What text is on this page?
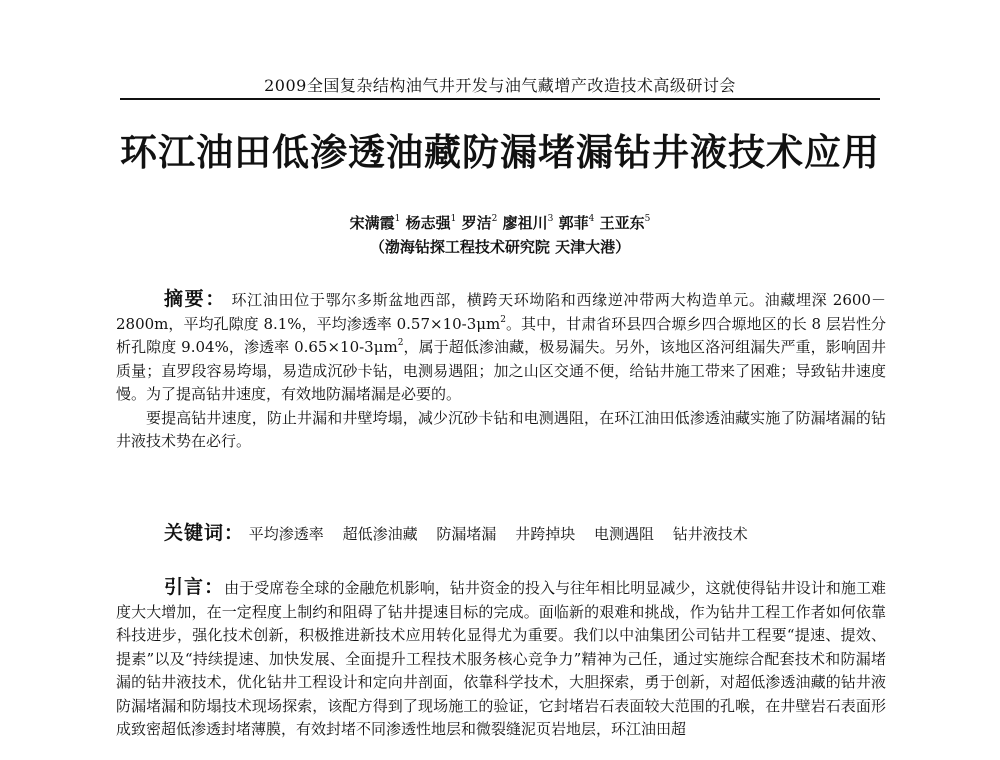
2009全国复杂结构油气井开发与油气藏增产改造技术高级研讨会
环江油田低渗透油藏防漏堵漏钻井液技术应用
宋满霞$^1$ 杨志强$^1$ 罗洁$^2$ 廖祖川$^3$ 郭菲$^4$ 王亚东$^5$
（渤海钻探工程技术研究院 天津大港）

摘要： 环江油田位于鄂尔多斯盆地西部，横跨天环坳陷和西缘逆冲带两大构造单元。油藏埋深 2600－2800m，平均孔隙度 8.1%，平均渗透率 $0.57\times 10-3\mu m^2$。其中，甘肃省环县四合塬乡四合塬地区的长 8 层岩性分析孔隙度 9.04%，渗透率 $0.65\times 10-3\mu m^2$，属于超低渗油藏，极易漏失。另外，该地区洛河组漏失严重，影响固井质量；直罗段容易垮塌，易造成沉砂卡钻，电测易遇阻；加之山区交通不便，给钻井施工带来了困难；导致钻井速度慢。为了提高钻井速度，有效地防漏堵漏是必要的。

要提高钻井速度，防止井漏和井壁垮塌，减少沉砂卡钻和电测遇阻，在环江油田低渗透油藏实施了防漏堵漏的钻井液技术势在必行。

关键词： 平均渗透率 超低渗油藏 防漏堵漏 井跨掉块 电测遇阻 钻井液技术

引言：由于受席卷全球的金融危机影响，钻井资金的投入与往年相比明显减少，这就使得钻井设计和施工难度大大增加，在一定程度上制约和阻碍了钻井提速目标的完成。面临新的艰难和挑战，作为钻井工程工作者如何依靠科技进步，强化技术创新，积极推进新技术应用转化显得尤为重要。我们以中油集团公司钻井工程要“提速、提效、提素”以及“持续提速、加快发展、全面提升工程技术服务核心竞争力”精神为己任，通过实施综合配套技术和防漏堵漏的钻井液技术，优化钻井工程设计和定向井剖面，依靠科学技术，大胆探索，勇于创新，对超低渗透油藏的钻井液防漏堵漏和防塌技术现场探索，该配方得到了现场施工的验证，它封堵岩石表面较大范围的孔喉，在井壁岩石表面形成致密超低渗透封堵薄膜，有效封堵不同渗透性地层和微裂缝泥页岩地层，环江油田超
